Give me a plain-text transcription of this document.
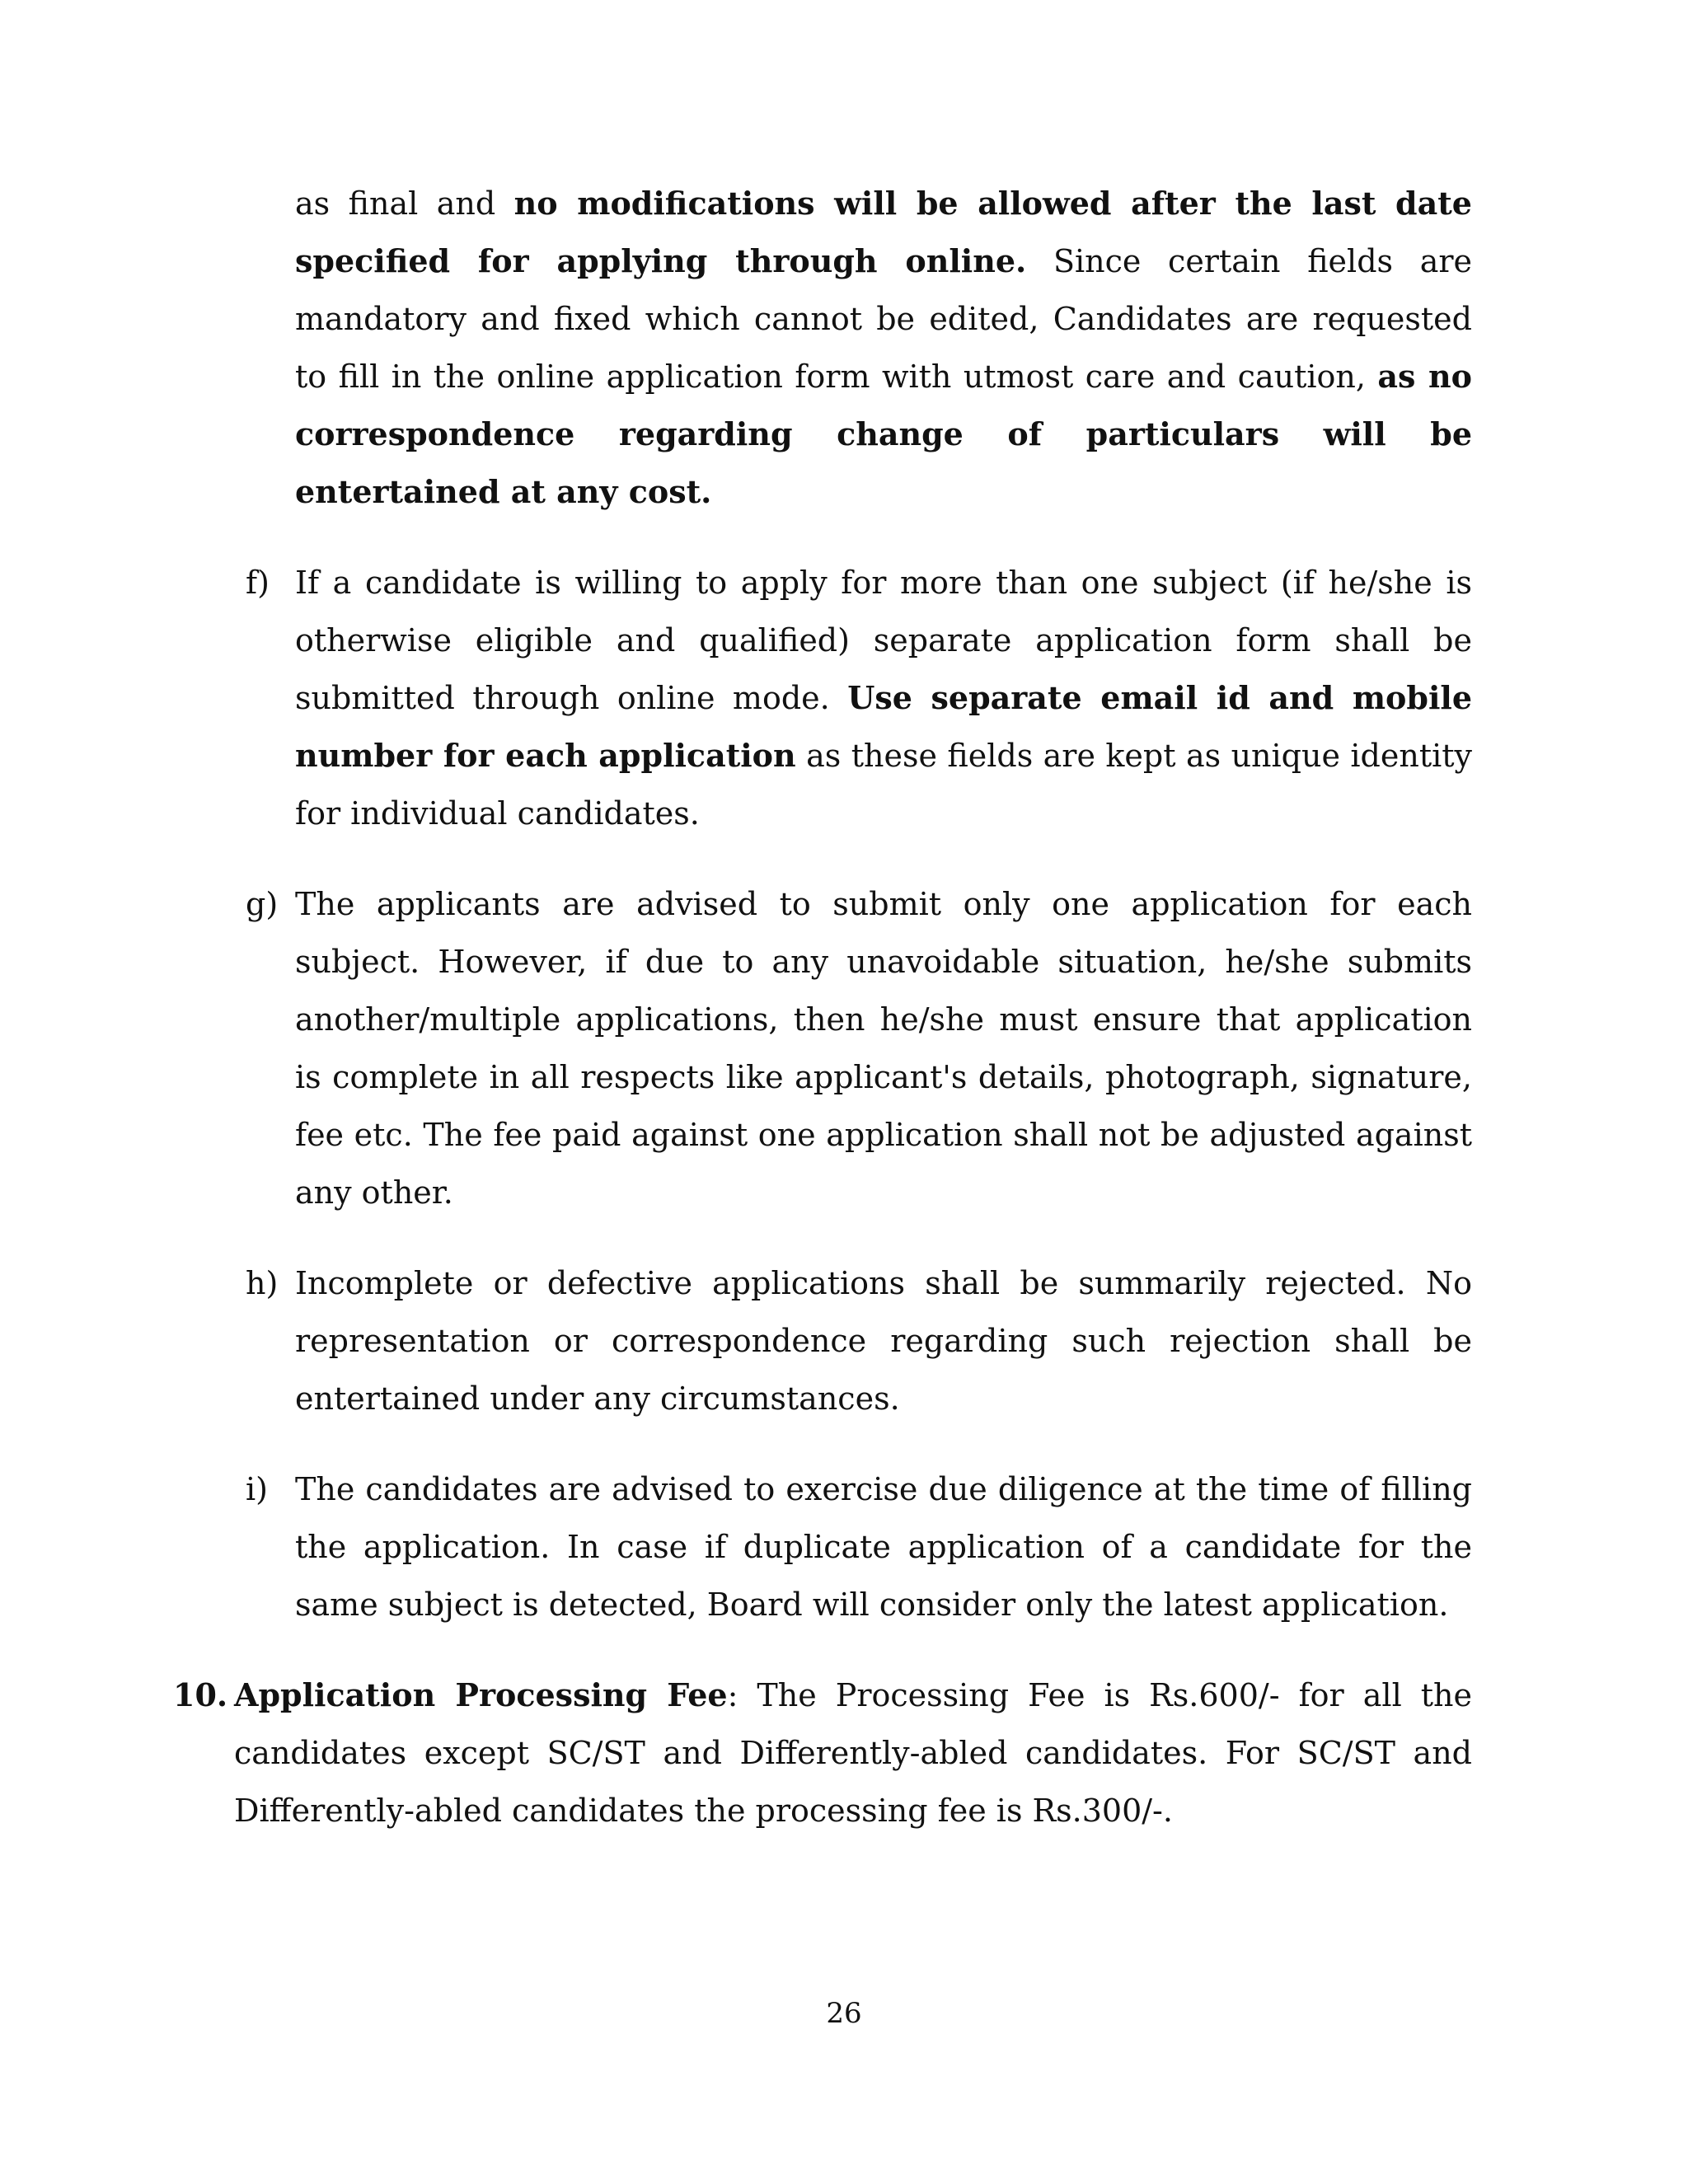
as final and no modifications will be allowed after the last date specified for applying through online. Since certain fields are mandatory and fixed which cannot be edited, Candidates are requested to fill in the online application form with utmost care and caution, as no correspondence regarding change of particulars will be entertained at any cost.
f) If a candidate is willing to apply for more than one subject (if he/she is otherwise eligible and qualified) separate application form shall be submitted through online mode. Use separate email id and mobile number for each application as these fields are kept as unique identity for individual candidates.
g) The applicants are advised to submit only one application for each subject. However, if due to any unavoidable situation, he/she submits another/multiple applications, then he/she must ensure that application is complete in all respects like applicant's details, photograph, signature, fee etc. The fee paid against one application shall not be adjusted against any other.
h) Incomplete or defective applications shall be summarily rejected. No representation or correspondence regarding such rejection shall be entertained under any circumstances.
i) The candidates are advised to exercise due diligence at the time of filling the application. In case if duplicate application of a candidate for the same subject is detected, Board will consider only the latest application.
10. Application Processing Fee: The Processing Fee is Rs.600/- for all the candidates except SC/ST and Differently-abled candidates. For SC/ST and Differently-abled candidates the processing fee is Rs.300/-.
26
